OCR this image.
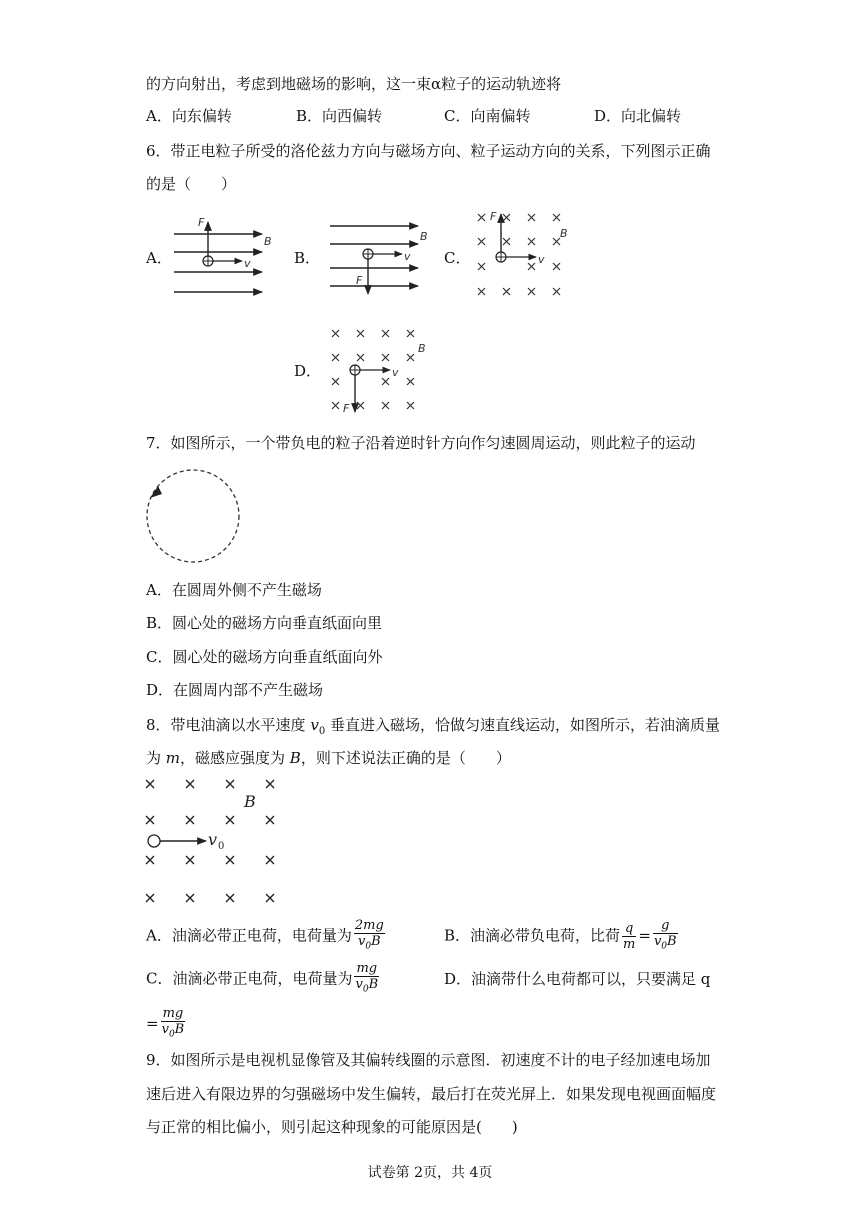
的方向射出，考虑到地磁场的影响，这一束α粒子的运动轨迹将
A．向东偏转	B．向西偏转	C．向南偏转	D．向北偏转
6．带正电粒子所受的洛伦兹力方向与磁场方向、粒子运动方向的关系，下列图示正确
的是（　　）
A．	B．	C．
D．
F
B
v
B
v
F
F
B
v
B
v
F
7．如图所示，一个带负电的粒子沿着逆时针方向作匀速圆周运动，则此粒子的运动
A．在圆周外侧不产生磁场
B．圆心处的磁场方向垂直纸面向里
C．圆心处的磁场方向垂直纸面向外
D．在圆周内部不产生磁场
8．带电油滴以水平速度 $v_0$ 垂直进入磁场，恰做匀速直线运动，如图所示，若油滴质量
为 m，磁感应强度为 B，则下述说法正确的是（　　）
B
v 0
A．油滴必带正电荷，电荷量为 $\frac{2mg}{v_0B}$	B．油滴必带负电荷，比荷 $\frac{q}{m} = \frac{g}{v_0B}$
C．油滴必带正电荷，电荷量为 $\frac{mg}{v_0B}$	D．油滴带什么电荷都可以，只要满足 q
= $\frac{mg}{v_0B}$
9．如图所示是电视机显像管及其偏转线圈的示意图．初速度不计的电子经加速电场加
速后进入有限边界的匀强磁场中发生偏转，最后打在荧光屏上．如果发现电视画面幅度
与正常的相比偏小，则引起这种现象的可能原因是(　　)
试卷第 2页，共 4页
